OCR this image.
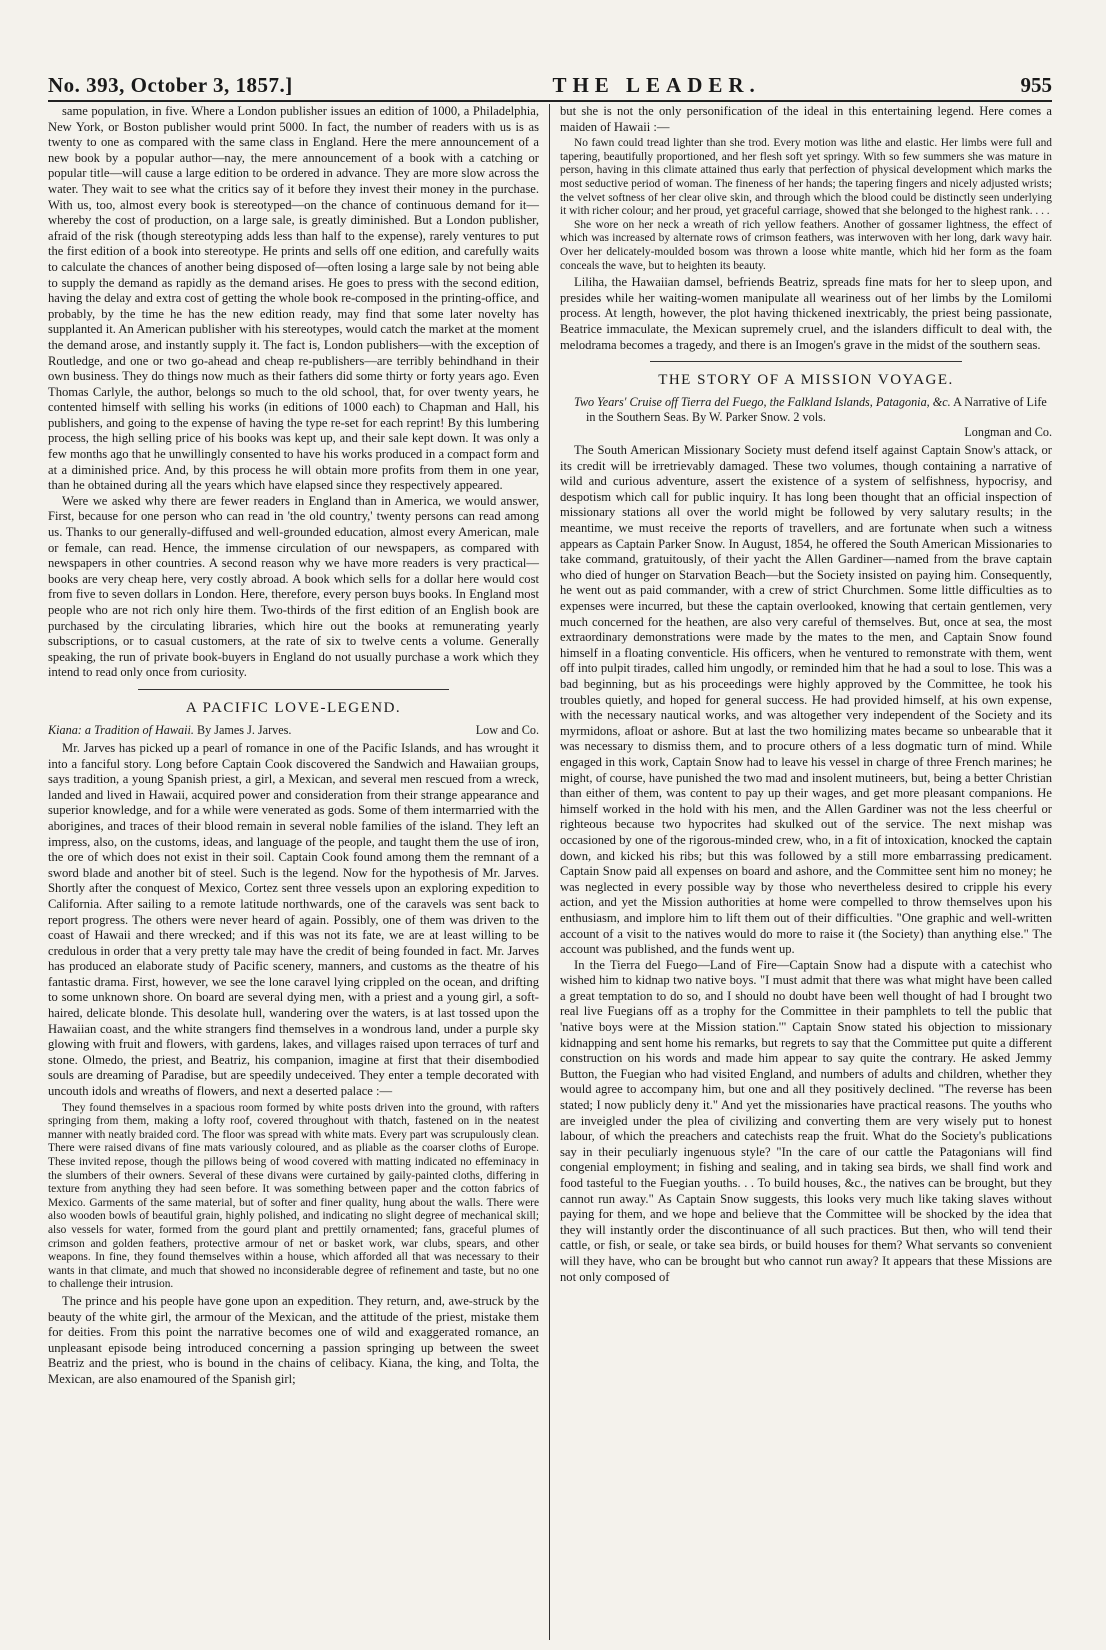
No. 393, October 3, 1857.]	THE LEADER.	955

same population, in five. Where a London publisher issues an edition of 1000, a Philadelphia, New York, or Boston publisher would print 5000. In fact, the number of readers with us is as twenty to one as compared with the same class in England. Here the mere announcement of a new book by a popular author—nay, the mere announcement of a book with a catching or popular title—will cause a large edition to be ordered in advance. They are more slow across the water. They wait to see what the critics say of it before they invest their money in the purchase. With us, too, almost every book is stereotyped—on the chance of continuous demand for it—whereby the cost of production, on a large sale, is greatly diminished. But a London publisher, afraid of the risk (though stereotyping adds less than half to the expense), rarely ventures to put the first edition of a book into stereotype. He prints and sells off one edition, and carefully waits to calculate the chances of another being disposed of—often losing a large sale by not being able to supply the demand as rapidly as the demand arises. He goes to press with the second edition, having the delay and extra cost of getting the whole book re-composed in the printing-office, and probably, by the time he has the new edition ready, may find that some later novelty has supplanted it. An American publisher with his stereotypes, would catch the market at the moment the demand arose, and instantly supply it. The fact is, London publishers—with the exception of Routledge, and one or two go-ahead and cheap re-publishers—are terribly behindhand in their own business. They do things now much as their fathers did some thirty or forty years ago. Even Thomas Carlyle, the author, belongs so much to the old school, that, for over twenty years, he contented himself with selling his works (in editions of 1000 each) to Chapman and Hall, his publishers, and going to the expense of having the type re-set for each reprint! By this lumbering process, the high selling price of his books was kept up, and their sale kept down. It was only a few months ago that he unwillingly consented to have his works produced in a compact form and at a diminished price. And, by this process he will obtain more profits from them in one year, than he obtained during all the years which have elapsed since they respectively appeared.

Were we asked why there are fewer readers in England than in America, we would answer, First, because for one person who can read in 'the old country,' twenty persons can read among us. Thanks to our generally-diffused and well-grounded education, almost every American, male or female, can read. Hence, the immense circulation of our newspapers, as compared with newspapers in other countries. A second reason why we have more readers is very practical—books are very cheap here, very costly abroad. A book which sells for a dollar here would cost from five to seven dollars in London. Here, therefore, every person buys books. In England most people who are not rich only hire them. Two-thirds of the first edition of an English book are purchased by the circulating libraries, which hire out the books at remunerating yearly subscriptions, or to casual customers, at the rate of six to twelve cents a volume. Generally speaking, the run of private book-buyers in England do not usually purchase a work which they intend to read only once from curiosity.

A PACIFIC LOVE-LEGEND.
Kiana: a Tradition of Hawaii. By James J. Jarves.	Low and Co.

Mr. Jarves has picked up a pearl of romance in one of the Pacific Islands, and has wrought it into a fanciful story. Long before Captain Cook discovered the Sandwich and Hawaiian groups, says tradition, a young Spanish priest, a girl, a Mexican, and several men rescued from a wreck, landed and lived in Hawaii, acquired power and consideration from their strange appearance and superior knowledge, and for a while were venerated as gods. Some of them intermarried with the aborigines, and traces of their blood remain in several noble families of the island. They left an impress, also, on the customs, ideas, and language of the people, and taught them the use of iron, the ore of which does not exist in their soil. Captain Cook found among them the remnant of a sword blade and another bit of steel. Such is the legend. Now for the hypothesis of Mr. Jarves. Shortly after the conquest of Mexico, Cortez sent three vessels upon an exploring expedition to California. After sailing to a remote latitude northwards, one of the caravels was sent back to report progress. The others were never heard of again. Possibly, one of them was driven to the coast of Hawaii and there wrecked; and if this was not its fate, we are at least willing to be credulous in order that a very pretty tale may have the credit of being founded in fact. Mr. Jarves has produced an elaborate study of Pacific scenery, manners, and customs as the theatre of his fantastic drama. First, however, we see the lone caravel lying crippled on the ocean, and drifting to some unknown shore. On board are several dying men, with a priest and a young girl, a soft-haired, delicate blonde. This desolate hull, wandering over the waters, is at last tossed upon the Hawaiian coast, and the white strangers find themselves in a wondrous land, under a purple sky glowing with fruit and flowers, with gardens, lakes, and villages raised upon terraces of turf and stone. Olmedo, the priest, and Beatriz, his companion, imagine at first that their disembodied souls are dreaming of Paradise, but are speedily undeceived. They enter a temple decorated with uncouth idols and wreaths of flowers, and next a deserted palace :—

They found themselves in a spacious room formed by white posts driven into the ground, with rafters springing from them, making a lofty roof, covered throughout with thatch, fastened on in the neatest manner with neatly braided cord. The floor was spread with white mats. Every part was scrupulously clean. There were raised divans of fine mats variously coloured, and as pliable as the coarser cloths of Europe. These invited repose, though the pillows being of wood covered with matting indicated no effeminacy in the slumbers of their owners. Several of these divans were curtained by gaily-painted cloths, differing in texture from anything they had seen before. It was something between paper and the cotton fabrics of Mexico. Garments of the same material, but of softer and finer quality, hung about the walls. There were also wooden bowls of beautiful grain, highly polished, and indicating no slight degree of mechanical skill; also vessels for water, formed from the gourd plant and prettily ornamented; fans, graceful plumes of crimson and golden feathers, protective armour of net or basket work, war clubs, spears, and other weapons. In fine, they found themselves within a house, which afforded all that was necessary to their wants in that climate, and much that showed no inconsiderable degree of refinement and taste, but no one to challenge their intrusion.

The prince and his people have gone upon an expedition. They return, and, awe-struck by the beauty of the white girl, the armour of the Mexican, and the attitude of the priest, mistake them for deities. From this point the narrative becomes one of wild and exaggerated romance, an unpleasant episode being introduced concerning a passion springing up between the sweet Beatriz and the priest, who is bound in the chains of celibacy. Kiana, the king, and Tolta, the Mexican, are also enamoured of the Spanish girl;

but she is not the only personification of the ideal in this entertaining legend. Here comes a maiden of Hawaii :—

No fawn could tread lighter than she trod. Every motion was lithe and elastic. Her limbs were full and tapering, beautifully proportioned, and her flesh soft yet springy. With so few summers she was mature in person, having in this climate attained thus early that perfection of physical development which marks the most seductive period of woman. The fineness of her hands; the tapering fingers and nicely adjusted wrists; the velvet softness of her clear olive skin, and through which the blood could be distinctly seen underlying it with richer colour; and her proud, yet graceful carriage, showed that she belonged to the highest rank. . . .

She wore on her neck a wreath of rich yellow feathers. Another of gossamer lightness, the effect of which was increased by alternate rows of crimson feathers, was interwoven with her long, dark wavy hair. Over her delicately-moulded bosom was thrown a loose white mantle, which hid her form as the foam conceals the wave, but to heighten its beauty.

Liliha, the Hawaiian damsel, befriends Beatriz, spreads fine mats for her to sleep upon, and presides while her waiting-women manipulate all weariness out of her limbs by the Lomilomi process. At length, however, the plot having thickened inextricably, the priest being passionate, Beatrice immaculate, the Mexican supremely cruel, and the islanders difficult to deal with, the melodrama becomes a tragedy, and there is an Imogen's grave in the midst of the southern seas.

THE STORY OF A MISSION VOYAGE.
Two Years' Cruise off Tierra del Fuego, the Falkland Islands, Patagonia, &c. A Narrative of Life in the Southern Seas. By W. Parker Snow. 2 vols.
Longman and Co.

The South American Missionary Society must defend itself against Captain Snow's attack, or its credit will be irretrievably damaged. These two volumes, though containing a narrative of wild and curious adventure, assert the existence of a system of selfishness, hypocrisy, and despotism which call for public inquiry. It has long been thought that an official inspection of missionary stations all over the world might be followed by very salutary results; in the meantime, we must receive the reports of travellers, and are fortunate when such a witness appears as Captain Parker Snow. In August, 1854, he offered the South American Missionaries to take command, gratuitously, of their yacht the Allen Gardiner—named from the brave captain who died of hunger on Starvation Beach—but the Society insisted on paying him. Consequently, he went out as paid commander, with a crew of strict Churchmen. Some little difficulties as to expenses were incurred, but these the captain overlooked, knowing that certain gentlemen, very much concerned for the heathen, are also very careful of themselves. But, once at sea, the most extraordinary demonstrations were made by the mates to the men, and Captain Snow found himself in a floating conventicle. His officers, when he ventured to remonstrate with them, went off into pulpit tirades, called him ungodly, or reminded him that he had a soul to lose. This was a bad beginning, but as his proceedings were highly approved by the Committee, he took his troubles quietly, and hoped for general success. He had provided himself, at his own expense, with the necessary nautical works, and was altogether very independent of the Society and its myrmidons, afloat or ashore. But at last the two homilizing mates became so unbearable that it was necessary to dismiss them, and to procure others of a less dogmatic turn of mind. While engaged in this work, Captain Snow had to leave his vessel in charge of three French marines; he might, of course, have punished the two mad and insolent mutineers, but, being a better Christian than either of them, was content to pay up their wages, and get more pleasant companions. He himself worked in the hold with his men, and the Allen Gardiner was not the less cheerful or righteous because two hypocrites had skulked out of the service. The next mishap was occasioned by one of the rigorous-minded crew, who, in a fit of intoxication, knocked the captain down, and kicked his ribs; but this was followed by a still more embarrassing predicament. Captain Snow paid all expenses on board and ashore, and the Committee sent him no money; he was neglected in every possible way by those who nevertheless desired to cripple his every action, and yet the Mission authorities at home were compelled to throw themselves upon his enthusiasm, and implore him to lift them out of their difficulties. "One graphic and well-written account of a visit to the natives would do more to raise it (the Society) than anything else." The account was published, and the funds went up.

In the Tierra del Fuego—Land of Fire—Captain Snow had a dispute with a catechist who wished him to kidnap two native boys. "I must admit that there was what might have been called a great temptation to do so, and I should no doubt have been well thought of had I brought two real live Fuegians off as a trophy for the Committee in their pamphlets to tell the public that 'native boys were at the Mission station.'" Captain Snow stated his objection to missionary kidnapping and sent home his remarks, but regrets to say that the Committee put quite a different construction on his words and made him appear to say quite the contrary. He asked Jemmy Button, the Fuegian who had visited England, and numbers of adults and children, whether they would agree to accompany him, but one and all they positively declined. "The reverse has been stated; I now publicly deny it." And yet the missionaries have practical reasons. The youths who are inveigled under the plea of civilizing and converting them are very wisely put to honest labour, of which the preachers and catechists reap the fruit. What do the Society's publications say in their peculiarly ingenuous style? "In the care of our cattle the Patagonians will find congenial employment; in fishing and sealing, and in taking sea birds, we shall find work and food tasteful to the Fuegian youths. . . To build houses, &c., the natives can be brought, but they cannot run away." As Captain Snow suggests, this looks very much like taking slaves without paying for them, and we hope and believe that the Committee will be shocked by the idea that they will instantly order the discontinuance of all such practices. But then, who will tend their cattle, or fish, or seale, or take sea birds, or build houses for them? What servants so convenient will they have, who can be brought but who cannot run away? It appears that these Missions are not only composed of
